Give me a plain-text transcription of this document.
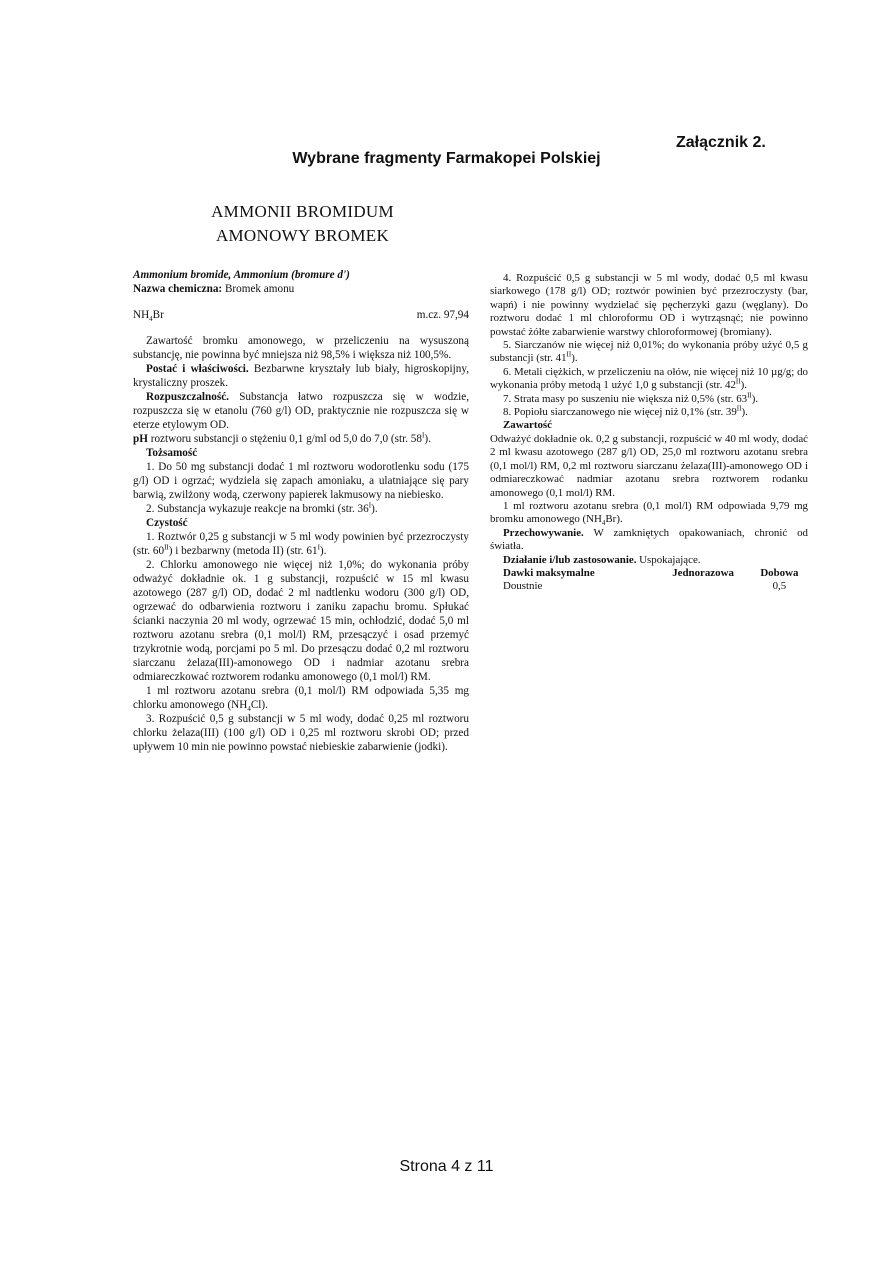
Załącznik 2.
Wybrane fragmenty Farmakopei Polskiej
AMMONII BROMIDUM
AMONOWY BROMEK

Ammonium bromide, Ammonium (bromure d')

Nazwa chemiczna: Bromek amonu

$NH_4Br$	m.cz. 97,94

Zawartość bromku amonowego, w przeliczeniu na wysuszoną substancję, nie powinna być mniejsza niż 98,5% i większa niż 100,5%.

Postać i właściwości. Bezbarwne kryształy lub biały, higroskopijny, krystaliczny proszek.

Rozpuszczalność. Substancja łatwo rozpuszcza się w wodzie, rozpuszcza się w etanolu (760 g/l) OD, praktycznie nie rozpuszcza się w eterze etylowym OD.

pH roztworu substancji o stężeniu 0,1 g/ml od 5,0 do 7,0 (str. $58^I$).

Tożsamość

1. Do 50 mg substancji dodać 1 ml roztworu wodorotlenku sodu (175 g/l) OD i ogrzać; wydziela się zapach amoniaku, a ulatniające się pary barwią, zwilżony wodą, czerwony papierek lakmusowy na niebiesko.

2. Substancja wykazuje reakcje na bromki (str. $36^I$).

Czystość

1. Roztwór 0,25 g substancji w 5 ml wody powinien być przezroczysty (str. $60^{II}$) i bezbarwny (metoda II) (str. $61^I$).

2. Chlorku amonowego nie więcej niż 1,0%; do wykonania próby odważyć dokładnie ok. 1 g substancji, rozpuścić w 15 ml kwasu azotowego (287 g/l) OD, dodać 2 ml nadtlenku wodoru (300 g/l) OD, ogrzewać do odbarwienia roztworu i zaniku zapachu bromu. Spłukać ścianki naczynia 20 ml wody, ogrzewać 15 min, ochłodzić, dodać 5,0 ml roztworu azotanu srebra (0,1 mol/l) RM, przesączyć i osad przemyć trzykrotnie wodą, porcjami po 5 ml. Do przesączu dodać 0,2 ml roztworu siarczanu żelaza(III)-amonowego OD i nadmiar azotanu srebra odmiareczkować roztworem rodanku amonowego (0,1 mol/l) RM.

1 ml roztworu azotanu srebra (0,1 mol/l) RM odpowiada 5,35 mg chlorku amonowego $(NH_4Cl)$.

3. Rozpuścić 0,5 g substancji w 5 ml wody, dodać 0,25 ml roztworu chlorku żelaza(III) (100 g/l) OD i 0,25 ml roztworu skrobi OD; przed upływem 10 min nie powinno powstać niebieskie zabarwienie (jodki).

4. Rozpuścić 0,5 g substancji w 5 ml wody, dodać 0,5 ml kwasu siarkowego (178 g/l) OD; roztwór powinien być przezroczysty (bar, wapń) i nie powinny wydzielać się pęcherzyki gazu (węglany). Do roztworu dodać 1 ml chloroformu OD i wytrząsnąć; nie powinno powstać żółte zabarwienie warstwy chloroformowej (bromiany).

5. Siarczanów nie więcej niż 0,01%; do wykonania próby użyć 0,5 g substancji (str. $41^{II}$).

6. Metali ciężkich, w przeliczeniu na ołów, nie więcej niż 10 µg/g; do wykonania próby metodą 1 użyć 1,0 g substancji (str. $42^{II}$).

7. Strata masy po suszeniu nie większa niż 0,5% (str. $63^{II}$).

8. Popiołu siarczanowego nie więcej niż 0,1% (str. $39^{II}$).

Zawartość

Odważyć dokładnie ok. 0,2 g substancji, rozpuścić w 40 ml wody, dodać 2 ml kwasu azotowego (287 g/l) OD, 25,0 ml roztworu azotanu srebra (0,1 mol/l) RM, 0,2 ml roztworu siarczanu żelaza(III)-amonowego OD i odmiareczkować nadmiar azotanu srebra roztworem rodanku amonowego (0,1 mol/l) RM.

1 ml roztworu azotanu srebra (0,1 mol/l) RM odpowiada 9,79 mg bromku amonowego $(NH_4Br)$.

Przechowywanie. W zamkniętych opakowaniach, chronić od światła.

Działanie i/lub zastosowanie. Uspokajające.

Dawki maksymalne	Jednorazowa	Dobowa
Doustnie		0,5
Strona 4 z 11
